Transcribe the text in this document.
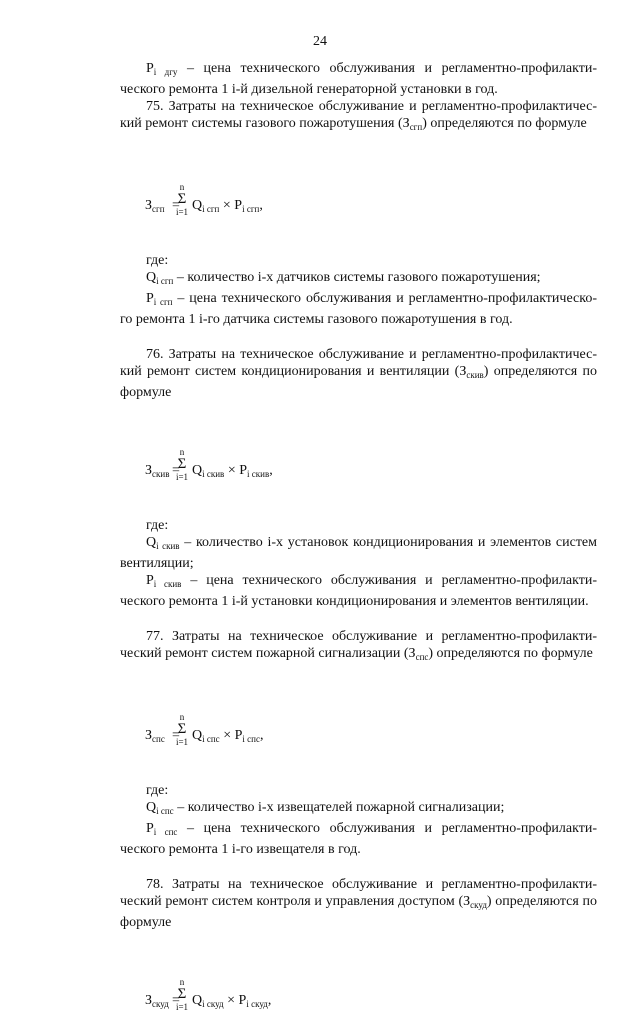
24

$P_{i дгу}$ – цена технического обслуживания и регламентно-профилакти-ческого ремонта 1 i-й дизельной генераторной установки в год.

75. Затраты на техническое обслуживание и регламентно-профилактичес-кий ремонт системы газового пожаротушения $(З_{сгп})$ определяются по формуле

$З_{сгп}$ =
n
Σ
i=1 $Q_{i сгп} \times P_{i сгп}$,

где:

$Q_{i сгп}$ – количество i-х датчиков системы газового пожаротушения;

$P_{i сгп}$ – цена технического обслуживания и регламентно-профилактическо-го ремонта 1 i-го датчика системы газового пожаротушения в год.

76. Затраты на техническое обслуживание и регламентно-профилактичес-кий ремонт систем кондиционирования и вентиляции $(З_{скив})$ определяются по формуле

$З_{скив}$ =
n
Σ
i=1 $Q_{i скив} \times P_{i скив}$,

где:

$Q_{i скив}$ – количество i-х установок кондиционирования и элементов систем вентиляции;

$P_{i скив}$ – цена технического обслуживания и регламентно-профилакти-ческого ремонта 1 i-й установки кондиционирования и элементов вентиляции.

77. Затраты на техническое обслуживание и регламентно-профилакти-ческий ремонт систем пожарной сигнализации $(З_{спс})$ определяются по формуле

$З_{спс}$ =
n
Σ
i=1 $Q_{i спс} \times P_{i спс}$,

где:

$Q_{i спс}$ – количество i-х извещателей пожарной сигнализации;

$P_{i спс}$ – цена технического обслуживания и регламентно-профилакти-ческого ремонта 1 i-го извещателя в год.

78. Затраты на техническое обслуживание и регламентно-профилакти-ческий ремонт систем контроля и управления доступом $(З_{скуд})$ определяются по формуле

$З_{скуд}$ =
n
Σ
i=1 $Q_{i скуд} \times P_{i скуд}$,
